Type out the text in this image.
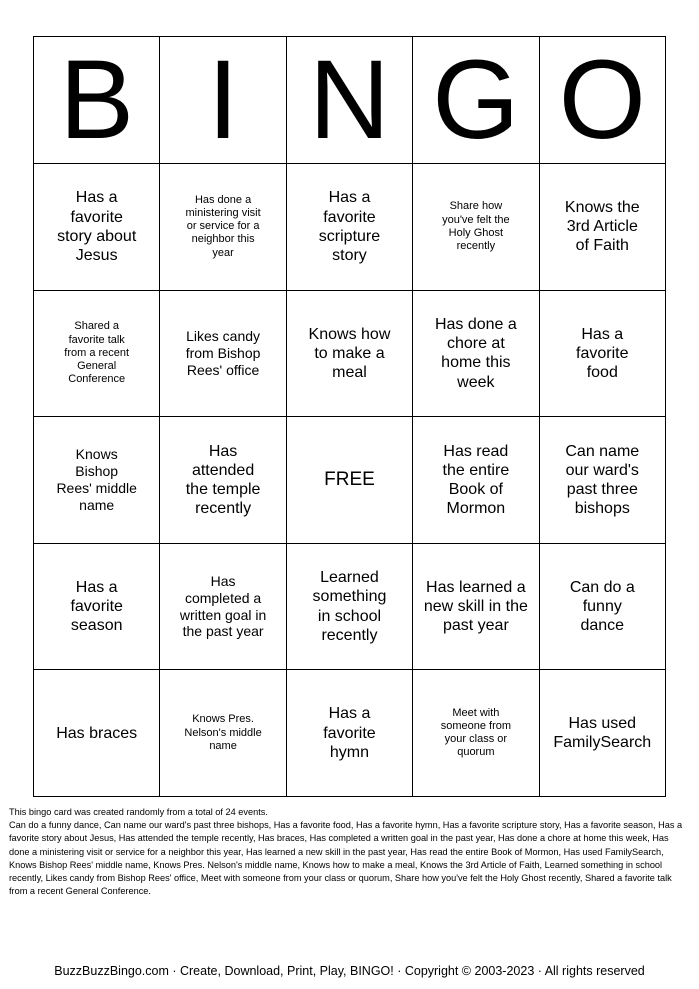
B	I	N	G	O
Has a favorite story about Jesus	Has done a ministering visit or service for a neighbor this year	Has a favorite scripture story	Share how you've felt the Holy Ghost recently	Knows the 3rd Article of Faith
Shared a favorite talk from a recent General Conference	Likes candy from Bishop Rees' office	Knows how to make a meal	Has done a chore at home this week	Has a favorite food
Knows Bishop Rees' middle name	Has attended the temple recently	FREE	Has read the entire Book of Mormon	Can name our ward's past three bishops
Has a favorite season	Has completed a written goal in the past year	Learned something in school recently	Has learned a new skill in the past year	Can do a funny dance
Has braces	Knows Pres. Nelson's middle name	Has a favorite hymn	Meet with someone from your class or quorum	Has used FamilySearch

This bingo card was created randomly from a total of 24 events.

Can do a funny dance, Can name our ward's past three bishops, Has a favorite food, Has a favorite hymn, Has a favorite scripture story, Has a favorite season, Has a favorite story about Jesus, Has attended the temple recently, Has braces, Has completed a written goal in the past year, Has done a chore at home this week, Has done a ministering visit or service for a neighbor this year, Has learned a new skill in the past year, Has read the entire Book of Mormon, Has used FamilySearch, Knows Bishop Rees' middle name, Knows Pres. Nelson's middle name, Knows how to make a meal, Knows the 3rd Article of Faith, Learned something in school recently, Likes candy from Bishop Rees' office, Meet with someone from your class or quorum, Share how you've felt the Holy Ghost recently, Shared a favorite talk from a recent General Conference.

BuzzBuzzBingo.com · Create, Download, Print, Play, BINGO! · Copyright © 2003-2023 · All rights reserved
